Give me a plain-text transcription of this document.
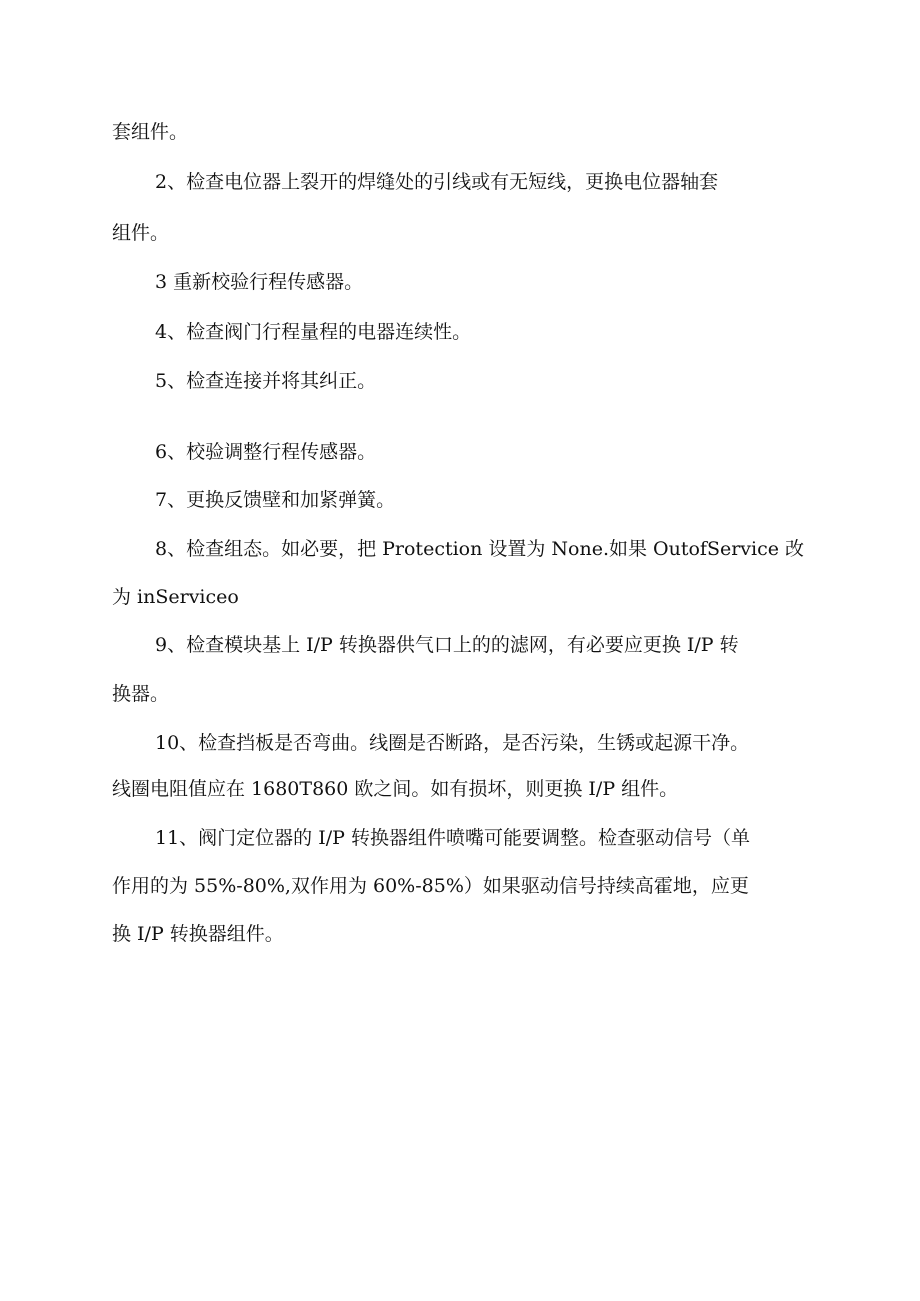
套组件。
2、检查电位器上裂开的焊缝处的引线或有无短线，更换电位器轴套
组件。
3 重新校验行程传感器。
4、检查阀门行程量程的电器连续性。
5、检查连接并将其纠正。
6、校验调整行程传感器。
7、更换反馈壁和加紧弹簧。
8、检查组态。如必要，把 Protection 设置为 None.如果 OutofService 改
为 inServiceo
9、检查模块基上 I/P 转换器供气口上的的滤网，有必要应更换 I/P 转
换器。
10、检查挡板是否弯曲。线圈是否断路，是否污染，生锈或起源干净。
线圈电阻值应在 1680T860 欧之间。如有损坏，则更换 I/P 组件。
11、阀门定位器的 I/P 转换器组件喷嘴可能要调整。检查驱动信号（单
作用的为 55%-80%,双作用为 60%-85%）如果驱动信号持续高霍地，应更
换 I/P 转换器组件。
